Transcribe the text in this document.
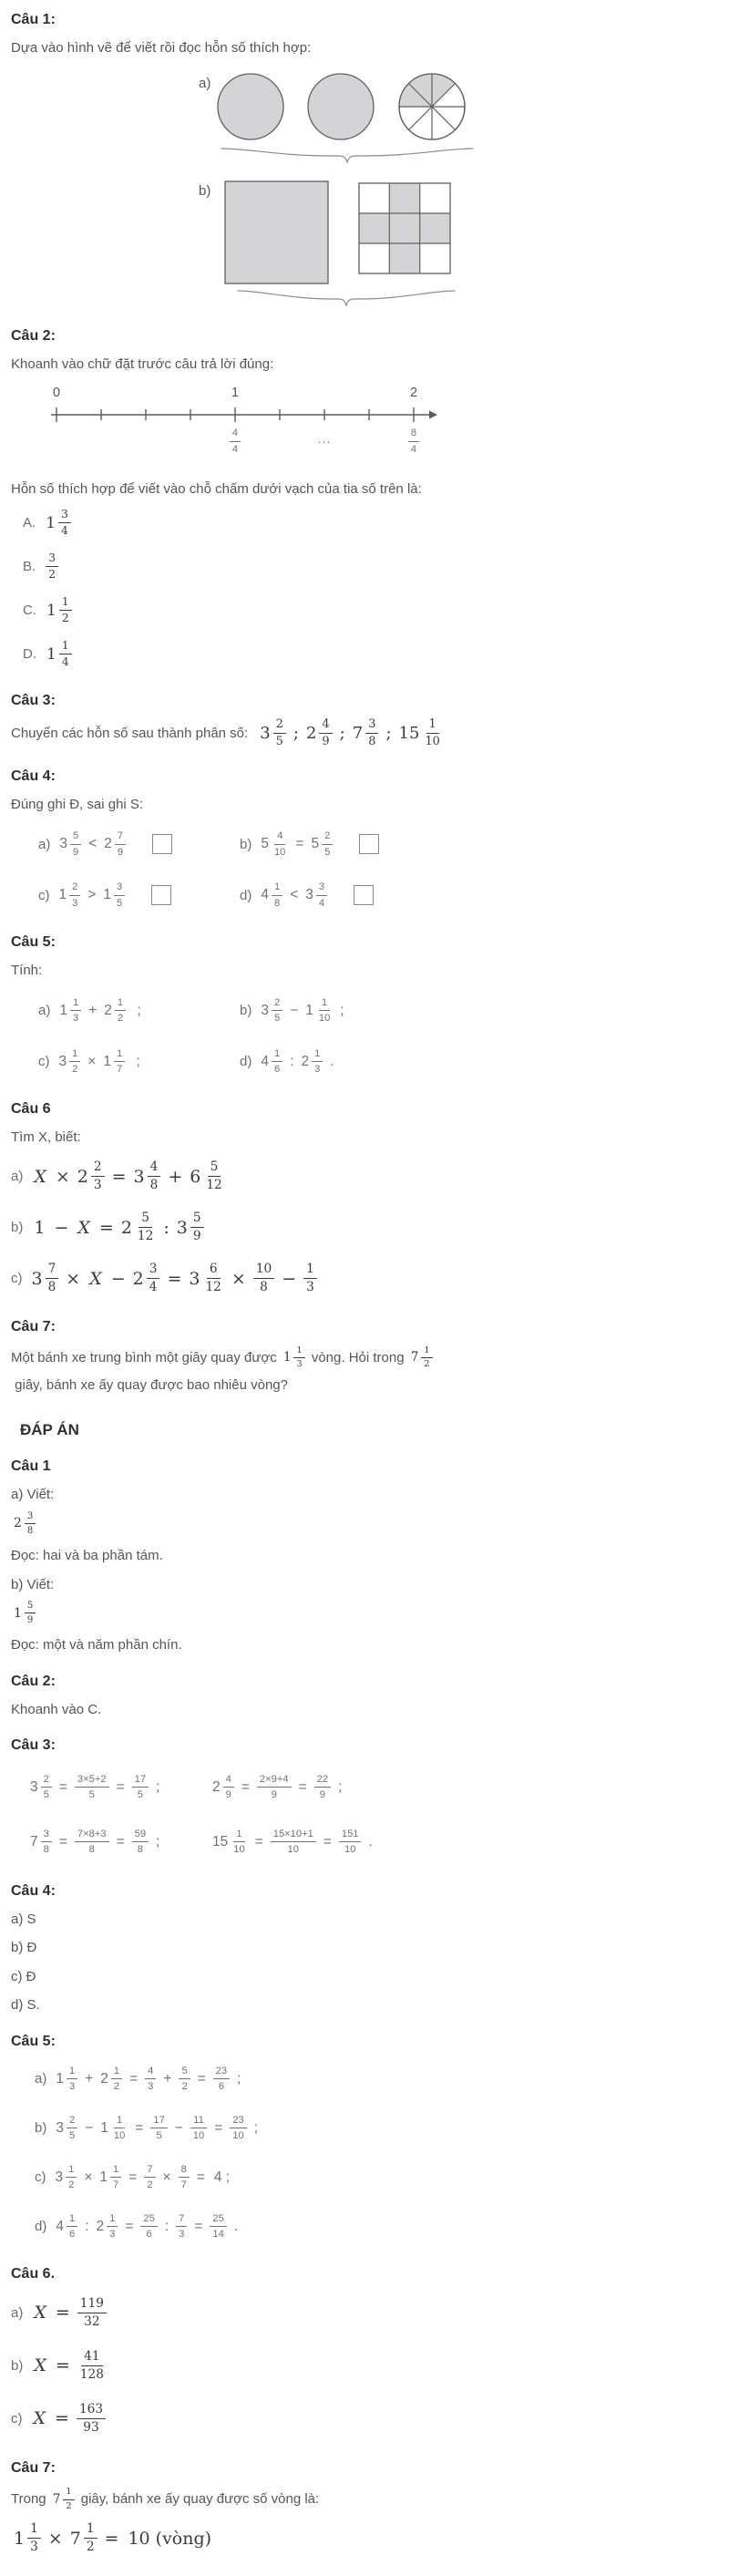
Câu 1:

Dựa vào hình vẽ để viết rồi đọc hỗn số thích hợp:

a)
b)
Câu 2:

Khoanh vào chữ đặt trước câu trả lời đúng:

0	1	2
4
4
...	8
4

Hỗn số thích hợp để viết vào chỗ chấm dưới vạch của tia số trên là:

A. 1 3
4
B.
3
2
C. 1 1
2
D. 1 1
4
Câu 3:
Chuyển các hỗn số sau thành phân số: 3 2
5 ; 2 4
9 ; 7 3
8 ; 15 1
10
Câu 4:

Đúng ghi Đ, sai ghi S:

a) 3 5
9
< 2 7
9	b) 5 4
10
= 5 2
5
c) 1 2
3
> 1 3
5	d) 4 1
8
< 3 3
4
Câu 5:

Tính:

a) 1 1
3
+ 2 1
2
;	b) 3 2
5
− 1 1
10
;
c) 3 1
2
× 1 1
7
;	d) 4 1
6
: 2 1
3
.
Câu 6

Tìm X, biết:

a) X × 2 2
3 = 3 4
8 + 6 5
12
b) 1 − X = 2 5
12 : 3 5
9
c) 3 7
8 × X − 2 3
4 = 3 6
12 × 10
8 − 1
3
Câu 7:

Một bánh xe trung bình một giây quay được 1
1
3 vòng. Hỏi trong 7
1
2
giây, bánh xe ấy quay được bao nhiêu vòng?

ĐÁP ÁN
Câu 1

a) Viết:

2
3
8

Đọc: hai và ba phần tám.

b) Viết:

1
5
9

Đọc: một và năm phần chín.

Câu 2:

Khoanh vào C.

Câu 3:
3 2
5
= 3×5+2
5
= 17
5
;	2 4
9
= 2×9+4
9
= 22
9
;
7 3
8
= 7×8+3
8
= 59
8
;	15 1
10
= 15×10+1
10
= 151
10
.
Câu 4:

a) S

b) Đ

c) Đ

d) S.

Câu 5:
a) 1 1
3
+ 2 1
2
= 4
3
+ 5
2
= 23
6
;
b) 3 2
5
− 1 1
10
= 17
5
− 11
10
= 23
10
;
c) 3 1
2
× 1 1
7
= 7
2
× 8
7
= 4 ;
d) 4 1
6
: 2 1
3
= 25
6
: 7
3
= 25
14
.
Câu 6.
a) X = 119
32
b) X = 41
128
c) X = 163
93
Câu 7:

Trong 7
1
2 giây, bánh xe ấy quay được số vòng là:

1 1
3 × 7 1
2 = 10 (vòng)
